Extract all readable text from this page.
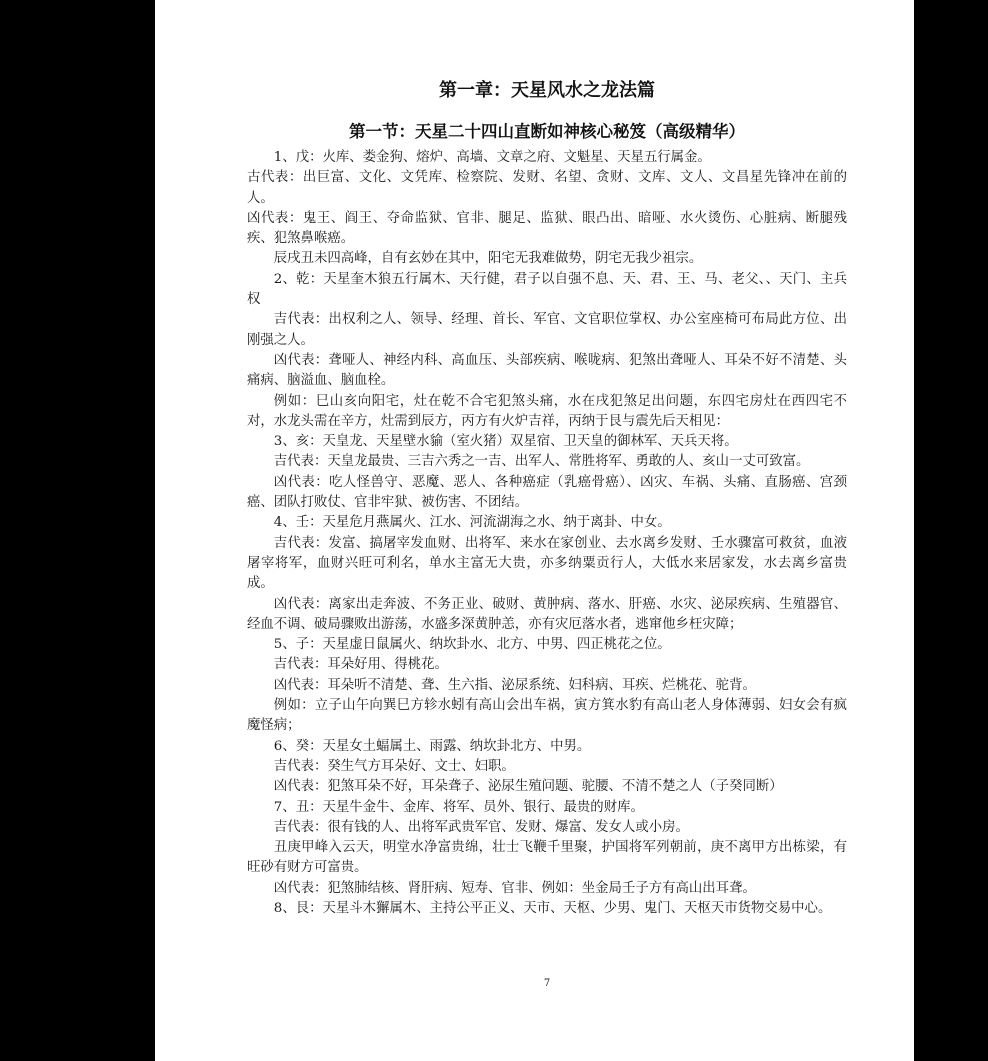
第一章：天星风水之龙法篇
第一节：天星二十四山直断如神核心秘笈（高级精华）

1、戊：火库、娄金狗、熔炉、高墙、文章之府、文魁星、天星五行属金。

古代表：出巨富、文化、文凭库、检察院、发财、名望、贪财、文库、文人、文昌星先锋冲在前的人。

凶代表：鬼王、阎王、夺命监狱、官非、腿足、监狱、眼凸出、暗哑、水火烫伤、心脏病、断腿残疾、犯煞鼻喉癌。

辰戌丑未四高峰，自有玄妙在其中，阳宅无我难做势，阴宅无我少祖宗。

2、乾：天星奎木狼五行属木、天行健，君子以自强不息、天、君、王、马、老父、、天门、主兵权

吉代表：出权利之人、领导、经理、首长、军官、文官职位掌权、办公室座椅可布局此方位、出刚强之人。

凶代表：聋哑人、神经内科、高血压、头部疾病、喉咙病、犯煞出聋哑人、耳朵不好不清楚、头痛病、脑溢血、脑血栓。

例如：巳山亥向阳宅，灶在乾不合宅犯煞头痛，水在戌犯煞足出问题，东四宅房灶在西四宅不对，水龙头需在辛方，灶需到辰方，丙方有火炉吉祥，丙纳于艮与震先后天相见：

3、亥：天皇龙、天星壁水貐（室火猪）双星宿、卫天皇的御林军、天兵天将。

吉代表：天皇龙最贵、三吉六秀之一吉、出军人、常胜将军、勇敢的人、亥山一丈可致富。

凶代表：吃人怪兽守、恶魔、恶人、各种癌症（乳癌骨癌）、凶灾、车祸、头痛、直肠癌、宫颈癌、团队打败仗、官非牢狱、被伤害、不团结。

4、壬：天星危月燕属火、江水、河流湖海之水、纳于离卦、中女。

吉代表：发富、搞屠宰发血财、出将军、来水在家创业、去水离乡发财、壬水骤富可救贫，血液屠宰将军，血财兴旺可利名，单水主富无大贵，亦多纳粟贡行人，大低水来居家发，水去离乡富贵成。

凶代表：离家出走奔波、不务正业、破财、黄肿病、落水、肝癌、水灾、泌尿疾病、生殖器官、经血不调、破局骤败出游荡，水盛多深黄肿恙，亦有灾厄落水者，逃窜他乡枉灾障；

5、子：天星虚日鼠属火、纳坎卦水、北方、中男、四正桃花之位。

吉代表：耳朵好用、得桃花。

凶代表：耳朵听不清楚、聋、生六指、泌尿系统、妇科病、耳疾、烂桃花、驼背。

例如：立子山午向巽巳方轸水蚓有高山会出车祸，寅方箕水豹有高山老人身体薄弱、妇女会有疯魔怪病；

6、癸：天星女土蝠属土、雨露、纳坎卦北方、中男。

吉代表：癸生气方耳朵好、文士、妇职。

凶代表：犯煞耳朵不好，耳朵聋子、泌尿生殖问题、驼腰、不清不楚之人（子癸同断）

7、丑：天星牛金牛、金库、将军、员外、银行、最贵的财库。

吉代表：很有钱的人、出将军武贵军官、发财、爆富、发女人或小房。

丑庚甲峰入云天，明堂水净富贵绵，壮士飞鞭千里聚，护国将军列朝前，庚不离甲方出栋梁，有旺砂有财方可富贵。

凶代表：犯煞肺结核、肾肝病、短寿、官非、例如：坐金局壬子方有高山出耳聋。

8、艮：天星斗木獬属木、主持公平正义、天市、天枢、少男、鬼门、天枢天市货物交易中心。

7
